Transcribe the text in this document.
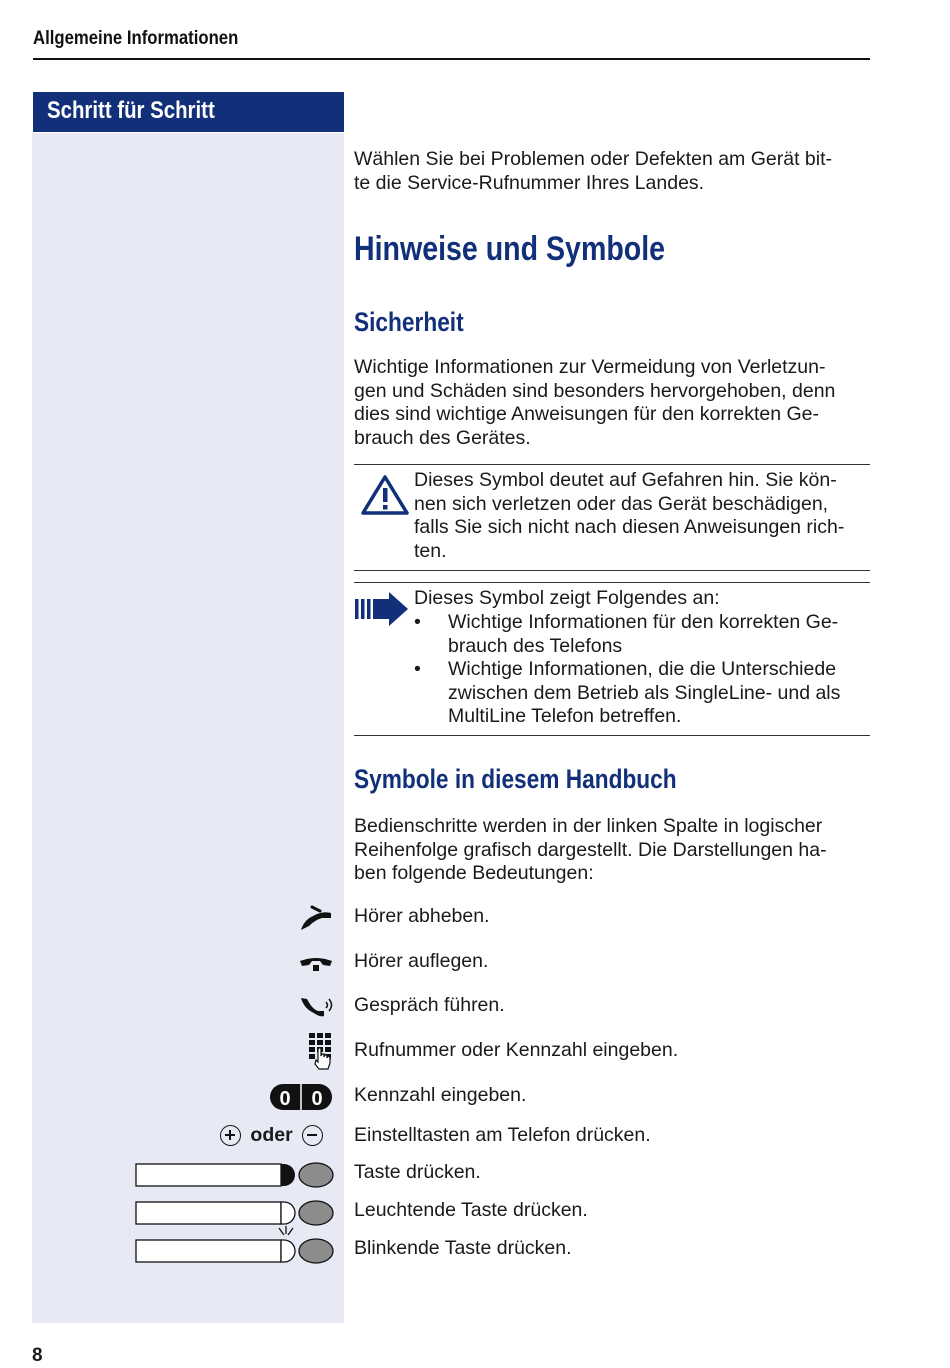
Allgemeine Informationen
Schritt für Schritt
Wählen Sie bei Problemen oder Defekten am Gerät bit-
te die Service-Rufnummer Ihres Landes.
Hinweise und Symbole
Sicherheit
Wichtige Informationen zur Vermeidung von Verletzun-
gen und Schäden sind besonders hervorgehoben, denn
dies sind wichtige Anweisungen für den korrekten Ge-
brauch des Gerätes.
Dieses Symbol deutet auf Gefahren hin. Sie kön-
nen sich verletzen oder das Gerät beschädigen,
falls Sie sich nicht nach diesen Anweisungen rich-
ten.
Dieses Symbol zeigt Folgendes an:
• Wichtige Informationen für den korrekten Ge-
brauch des Telefons
• Wichtige Informationen, die die Unterschiede
zwischen dem Betrieb als SingleLine- und als
MultiLine Telefon betreffen.
Symbole in diesem Handbuch
Bedienschritte werden in der linken Spalte in logischer
Reihenfolge grafisch dargestellt. Die Darstellungen ha-
ben folgende Bedeutungen:
Hörer abheben.
Hörer auflegen.
Gespräch führen.
Rufnummer oder Kennzahl eingeben.
0 0 Kennzahl eingeben.
oder	Einstelltasten am Telefon drücken.
Taste drücken.
Leuchtende Taste drücken.
Blinkende Taste drücken.
8
